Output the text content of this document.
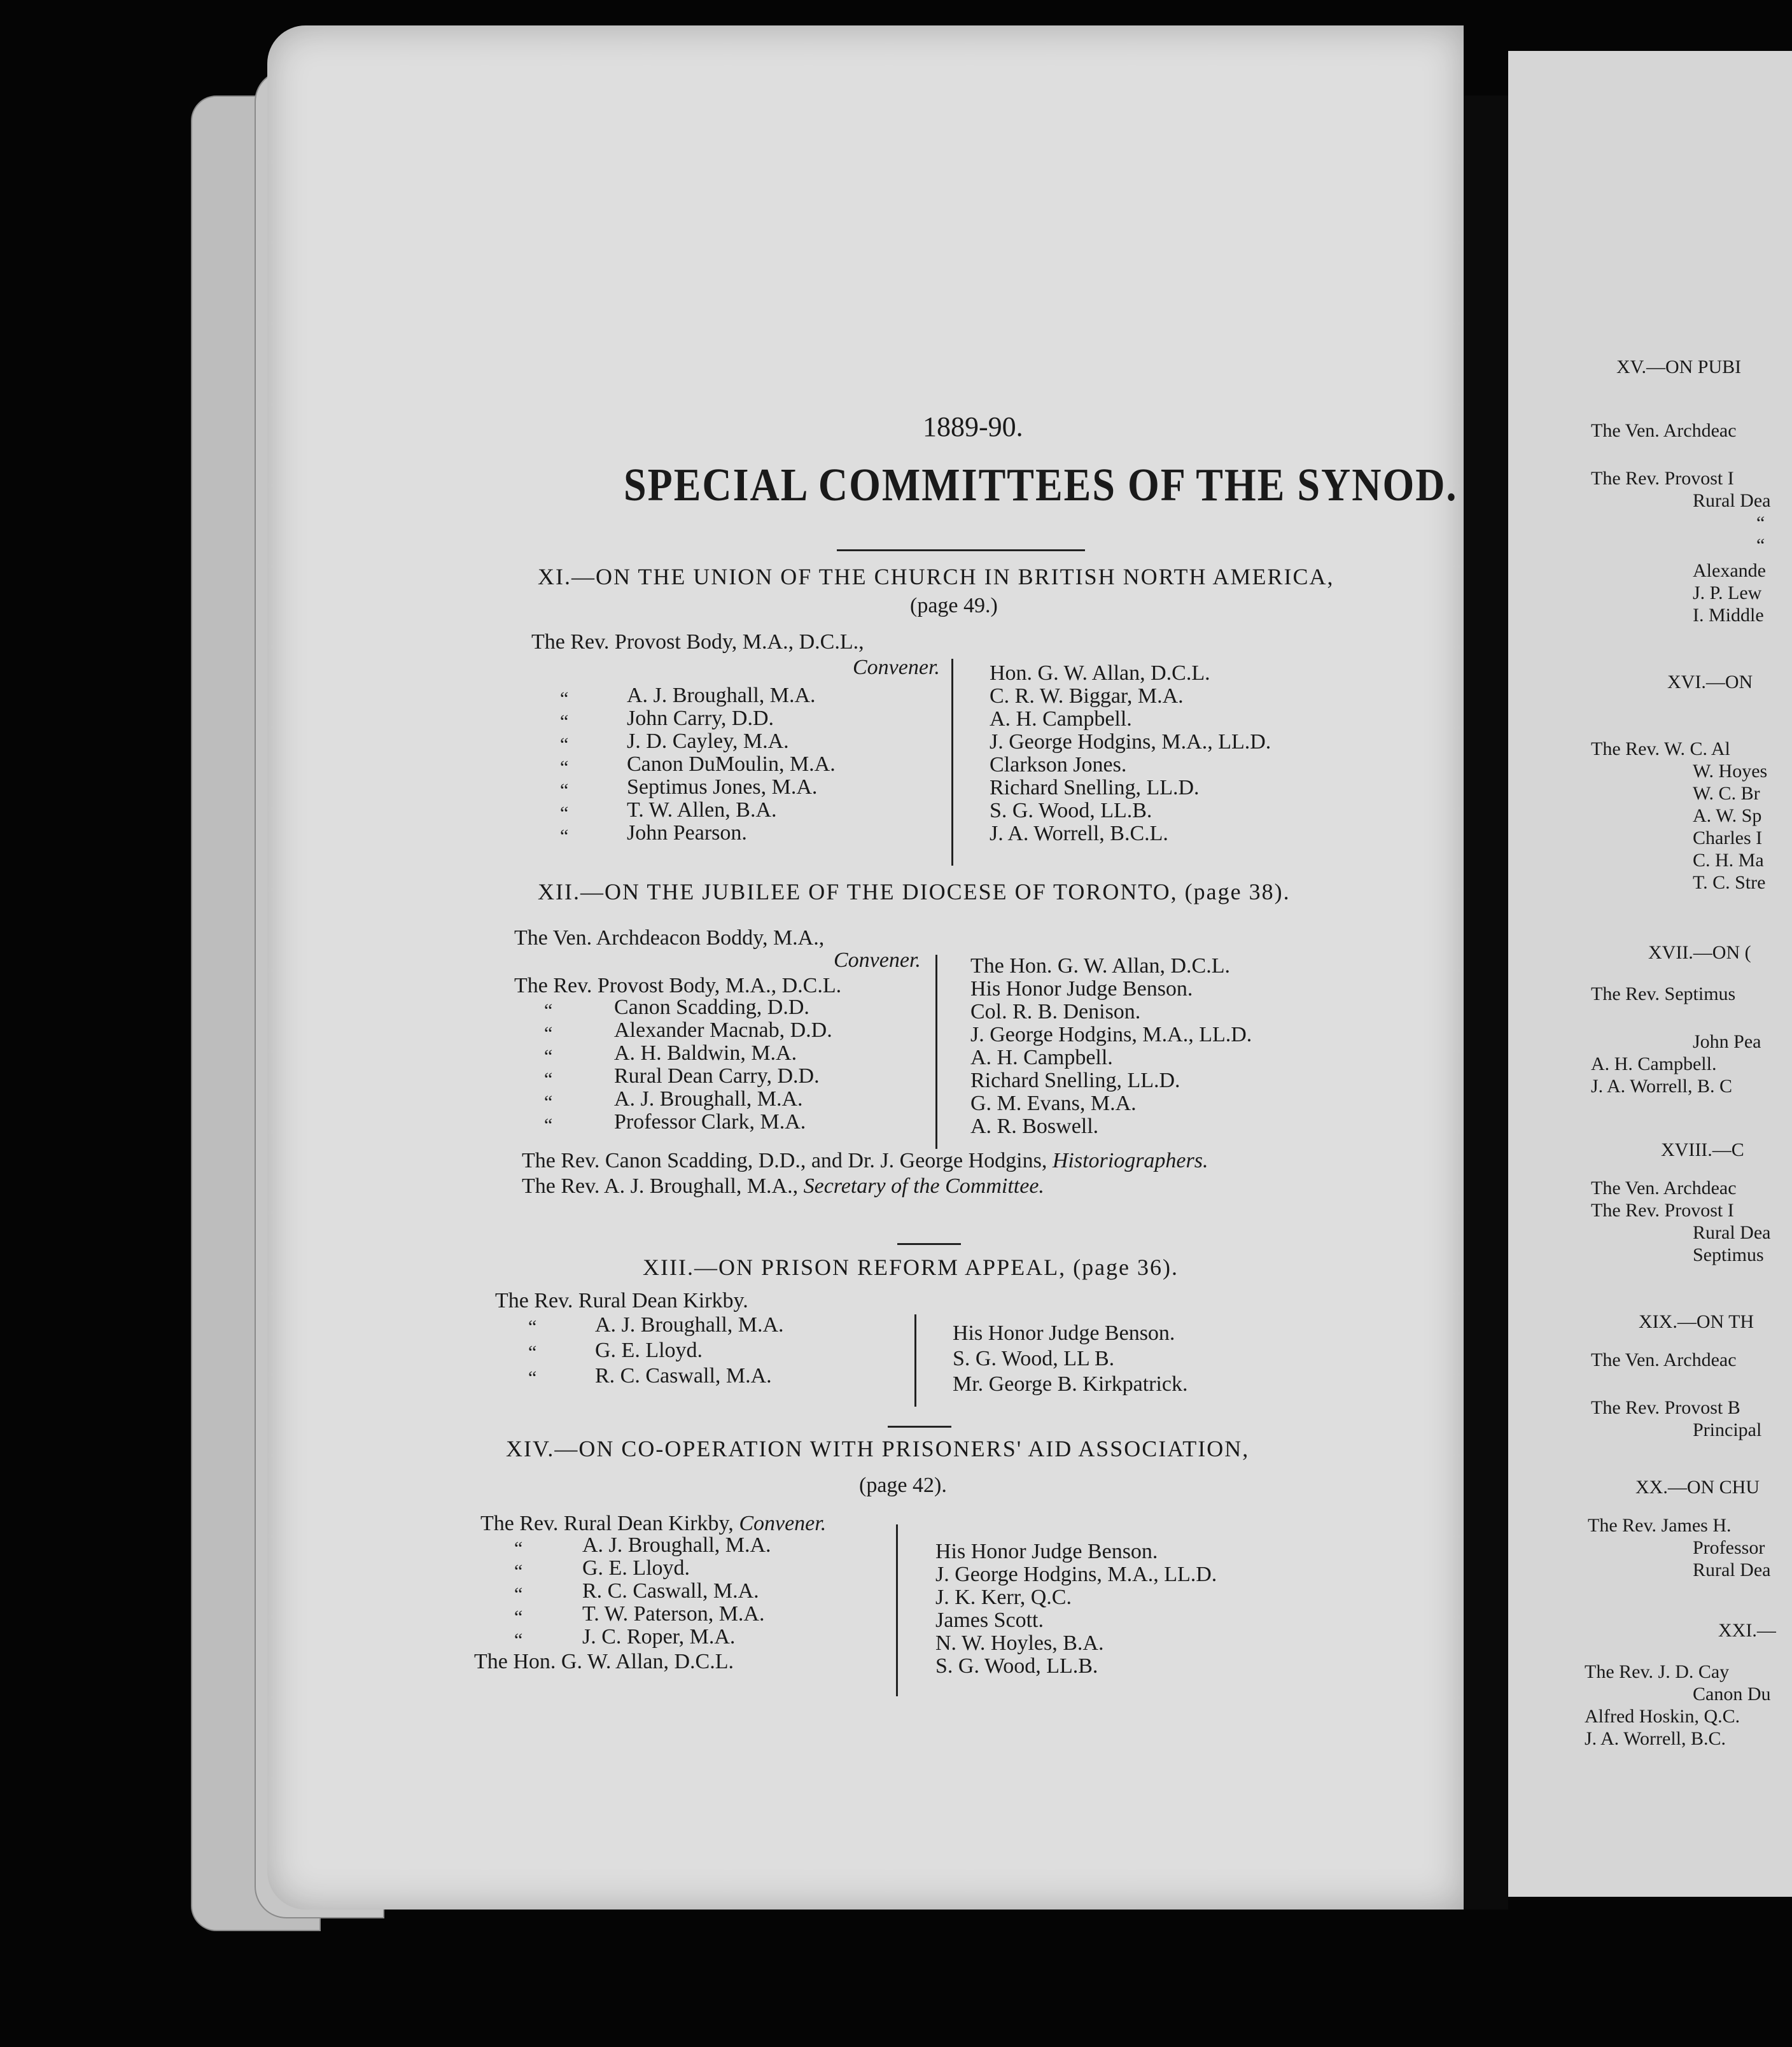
1889-90.
SPECIAL COMMITTEES OF THE SYNOD.
XI.—ON THE UNION OF THE CHURCH IN BRITISH NORTH AMERICA,
(page 49.)
The Rev. Provost Body, M.A., D.C.L.,
Convener.
“
“
“
“
“
“
“
A. J. Broughall, M.A.
John Carry, D.D.
J. D. Cayley, M.A.
Canon DuMoulin, M.A.
Septimus Jones, M.A.
T. W. Allen, B.A.
John Pearson.
Hon. G. W. Allan, D.C.L.
C. R. W. Biggar, M.A.
A. H. Campbell.
J. George Hodgins, M.A., LL.D.
Clarkson Jones.
Richard Snelling, LL.D.
S. G. Wood, LL.B.
J. A. Worrell, B.C.L.
XII.—ON THE JUBILEE OF THE DIOCESE OF TORONTO, (page 38).
The Ven. Archdeacon Boddy, M.A.,
Convener.
The Rev. Provost Body, M.A., D.C.L.
“
“
“
“
“
“
Canon Scadding, D.D.
Alexander Macnab, D.D.
A. H. Baldwin, M.A.
Rural Dean Carry, D.D.
A. J. Broughall, M.A.
Professor Clark, M.A.
The Hon. G. W. Allan, D.C.L.
His Honor Judge Benson.
Col. R. B. Denison.
J. George Hodgins, M.A., LL.D.
A. H. Campbell.
Richard Snelling, LL.D.
G. M. Evans, M.A.
A. R. Boswell.
The Rev. Canon Scadding, D.D., and Dr. J. George Hodgins, Historiographers.
The Rev. A. J. Broughall, M.A., Secretary of the Committee.
XIII.—ON PRISON REFORM APPEAL, (page 36).
The Rev. Rural Dean Kirkby.
“
“
“
A. J. Broughall, M.A.
G. E. Lloyd.
R. C. Caswall, M.A.
His Honor Judge Benson.
S. G. Wood, LL B.
Mr. George B. Kirkpatrick.
XIV.—ON CO-OPERATION WITH PRISONERS' AID ASSOCIATION,
(page 42).
The Rev. Rural Dean Kirkby, Convener.
“
“
“
“
“
A. J. Broughall, M.A.
G. E. Lloyd.
R. C. Caswall, M.A.
T. W. Paterson, M.A.
J. C. Roper, M.A.
The Hon. G. W. Allan, D.C.L.
His Honor Judge Benson.
J. George Hodgins, M.A., LL.D.
J. K. Kerr, Q.C.
James Scott.
N. W. Hoyles, B.A.
S. G. Wood, LL.B.
XV.—ON PUBI
The Ven. Archdeac
The Rev. Provost I
Rural Dea
“
“
Alexande
J. P. Lew
I. Middle
XVI.—ON
The Rev. W. C. Al
W. Hoyes
W. C. Br
A. W. Sp
Charles I
C. H. Ma
T. C. Stre
XVII.—ON (
The Rev. Septimus
John Pea
A. H. Campbell.
J. A. Worrell, B. C
XVIII.—C
The Ven. Archdeac
The Rev. Provost I
Rural Dea
Septimus
XIX.—ON TH
The Ven. Archdeac
The Rev. Provost B
Principal
XX.—ON CHU
The Rev. James H.
Professor
Rural Dea
XXI.—
The Rev. J. D. Cay
Canon Du
Alfred Hoskin, Q.C.
J. A. Worrell, B.C.
